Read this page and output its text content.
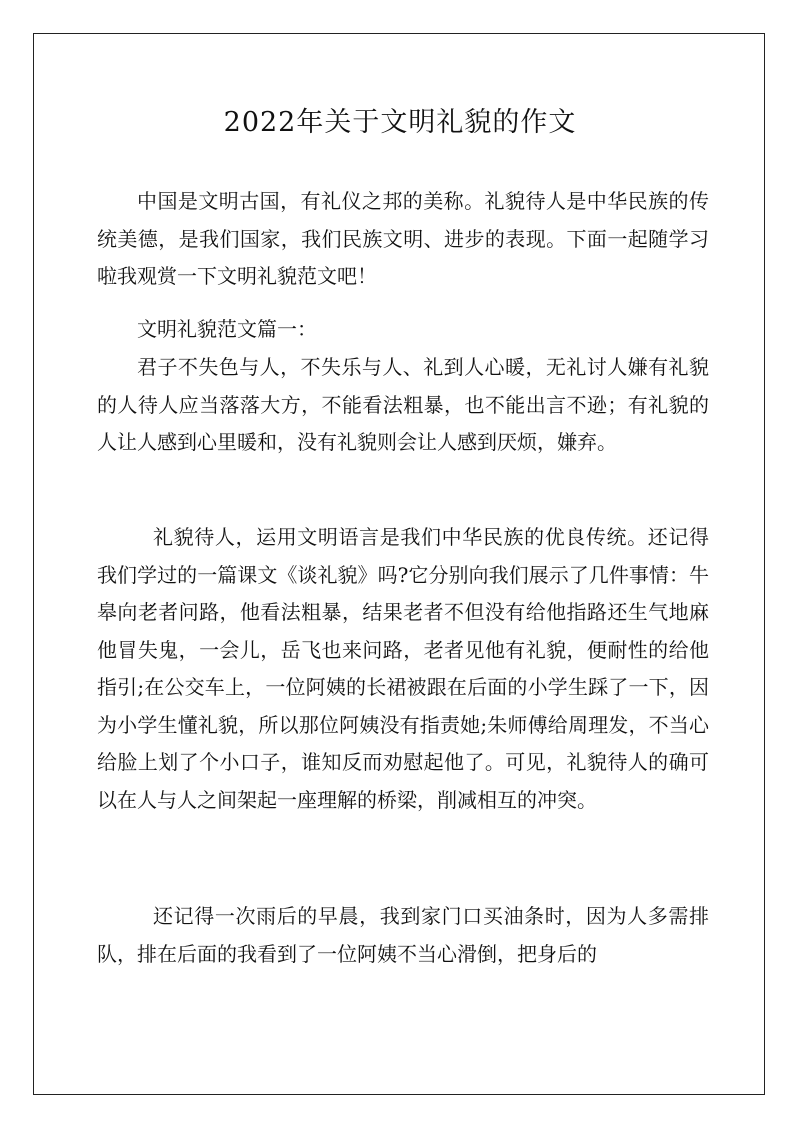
2022年关于文明礼貌的作文

中国是文明古国，有礼仪之邦的美称。礼貌待人是中华民族的传统美德，是我们国家，我们民族文明、进步的表现。下面一起随学习啦我观赏一下文明礼貌范文吧！

文明礼貌范文篇一：

君子不失色与人，不失乐与人、礼到人心暖，无礼讨人嫌有礼貌的人待人应当落落大方，不能看法粗暴，也不能出言不逊；有礼貌的人让人感到心里暖和，没有礼貌则会让人感到厌烦，嫌弃。

礼貌待人，运用文明语言是我们中华民族的优良传统。还记得我们学过的一篇课文《谈礼貌》吗?它分别向我们展示了几件事情：牛皋向老者问路，他看法粗暴，结果老者不但没有给他指路还生气地麻他冒失鬼，一会儿，岳飞也来问路，老者见他有礼貌，便耐性的给他指引;在公交车上，一位阿姨的长裙被跟在后面的小学生踩了一下，因为小学生懂礼貌，所以那位阿姨没有指责她;朱师傅给周理发，不当心给脸上划了个小口子，谁知反而劝慰起他了。可见，礼貌待人的确可以在人与人之间架起一座理解的桥梁，削减相互的冲突。

还记得一次雨后的早晨，我到家门口买油条时，因为人多需排队，排在后面的我看到了一位阿姨不当心滑倒，把身后的
